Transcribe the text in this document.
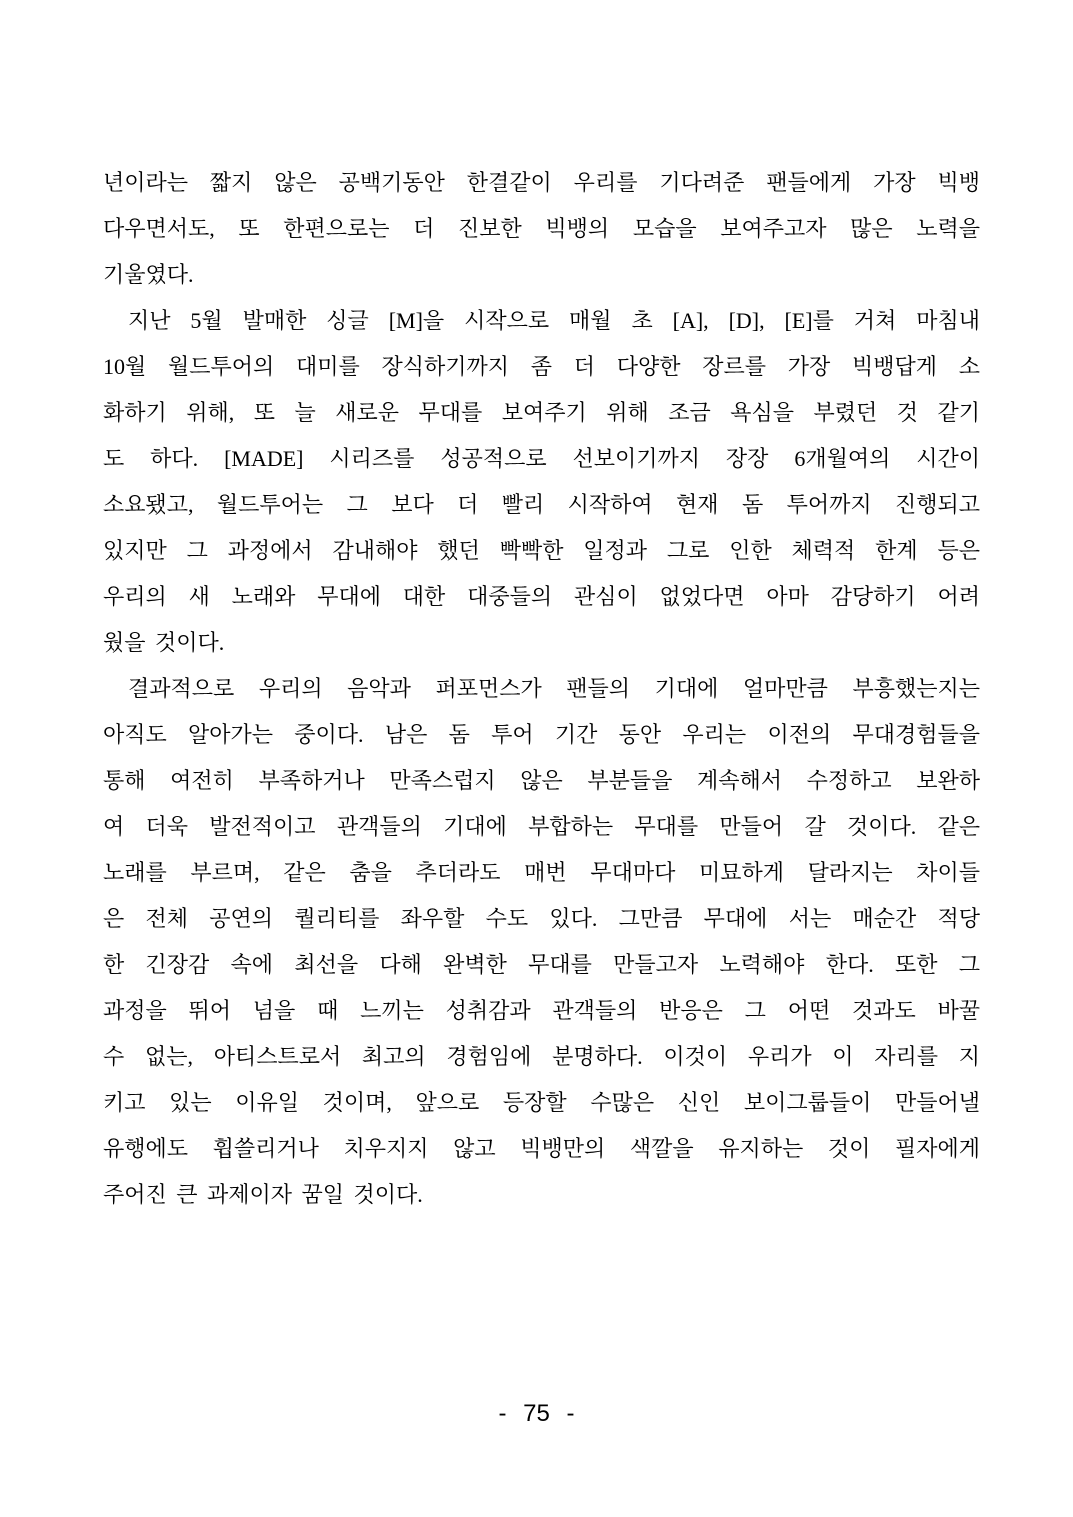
년이라는 짧지 않은 공백기동안 한결같이 우리를 기다려준 팬들에게 가장 빅뱅
다우면서도, 또 한편으로는 더 진보한 빅뱅의 모습을 보여주고자 많은 노력을
기울였다.
지난 5월 발매한 싱글 [M]을 시작으로 매월 초 [A], [D], [E]를 거쳐 마침내
10월 월드투어의 대미를 장식하기까지 좀 더 다양한 장르를 가장 빅뱅답게 소
화하기 위해, 또 늘 새로운 무대를 보여주기 위해 조금 욕심을 부렸던 것 같기
도 하다. [MADE] 시리즈를 성공적으로 선보이기까지 장장 6개월여의 시간이
소요됐고, 월드투어는 그 보다 더 빨리 시작하여 현재 돔 투어까지 진행되고
있지만 그 과정에서 감내해야 했던 빡빡한 일정과 그로 인한 체력적 한계 등은
우리의 새 노래와 무대에 대한 대중들의 관심이 없었다면 아마 감당하기 어려
웠을 것이다.
결과적으로 우리의 음악과 퍼포먼스가 팬들의 기대에 얼마만큼 부흥했는지는
아직도 알아가는 중이다. 남은 돔 투어 기간 동안 우리는 이전의 무대경험들을
통해 여전히 부족하거나 만족스럽지 않은 부분들을 계속해서 수정하고 보완하
여 더욱 발전적이고 관객들의 기대에 부합하는 무대를 만들어 갈 것이다. 같은
노래를 부르며, 같은 춤을 추더라도 매번 무대마다 미묘하게 달라지는 차이들
은 전체 공연의 퀄리티를 좌우할 수도 있다. 그만큼 무대에 서는 매순간 적당
한 긴장감 속에 최선을 다해 완벽한 무대를 만들고자 노력해야 한다. 또한 그
과정을 뛰어 넘을 때 느끼는 성취감과 관객들의 반응은 그 어떤 것과도 바꿀
수 없는, 아티스트로서 최고의 경험임에 분명하다. 이것이 우리가 이 자리를 지
키고 있는 이유일 것이며, 앞으로 등장할 수많은 신인 보이그룹들이 만들어낼
유행에도 휩쓸리거나 치우지지 않고 빅뱅만의 색깔을 유지하는 것이 필자에게
주어진 큰 과제이자 꿈일 것이다.
- 75 -
